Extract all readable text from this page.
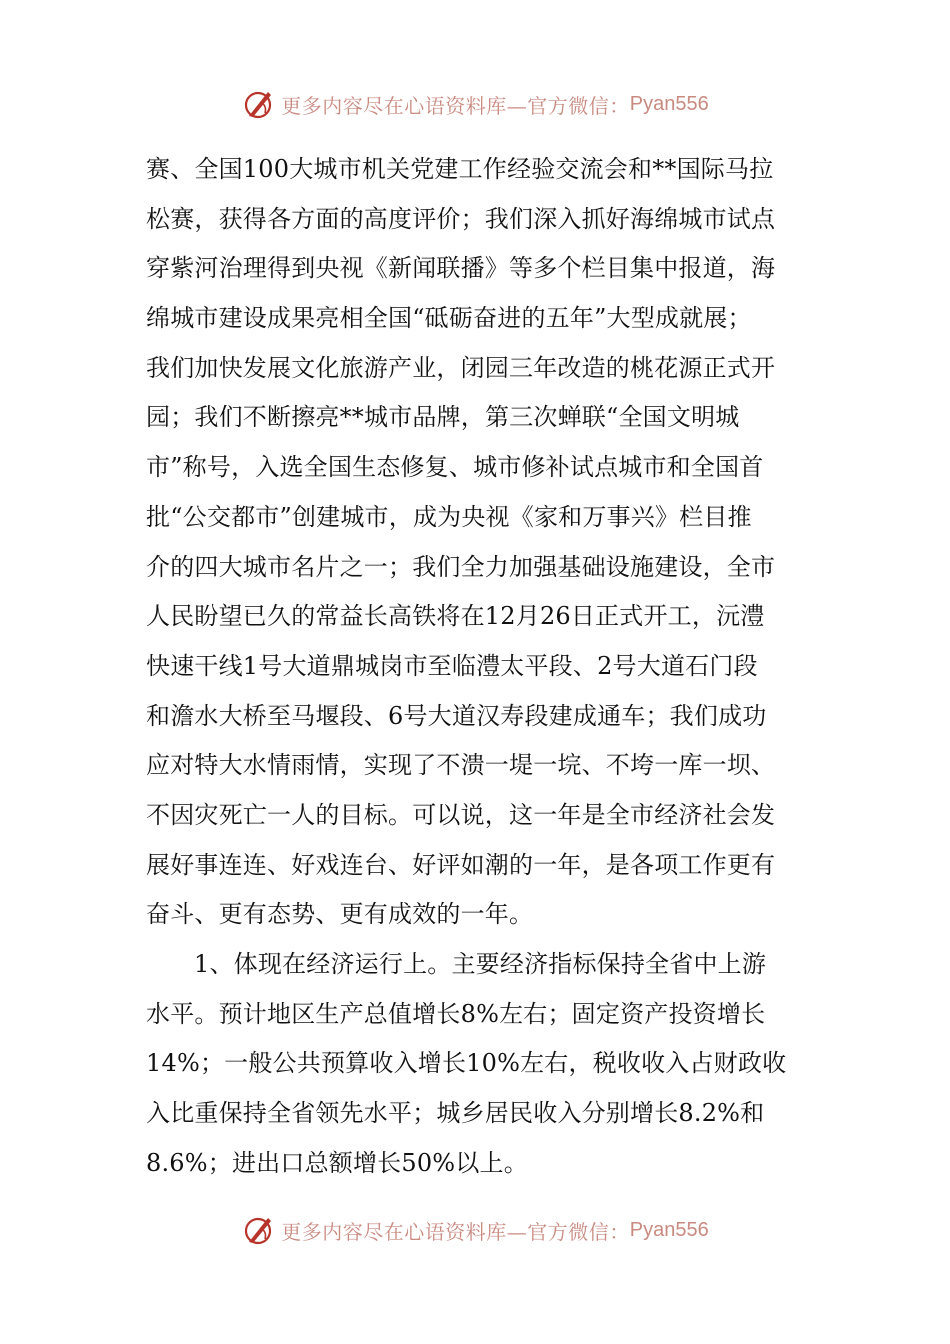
更多内容尽在心语资料库—官方微信： Pyan556
赛、全国100大城市机关党建工作经验交流会和**国际马拉
松赛，获得各方面的高度评价；我们深入抓好海绵城市试点
穿紫河治理得到央视《新闻联播》等多个栏目集中报道，海
绵城市建设成果亮相全国“砥砺奋进的五年”大型成就展；
我们加快发展文化旅游产业，闭园三年改造的桃花源正式开
园；我们不断擦亮**城市品牌，第三次蝉联“全国文明城
市”称号，入选全国生态修复、城市修补试点城市和全国首
批“公交都市”创建城市，成为央视《家和万事兴》栏目推
介的四大城市名片之一；我们全力加强基础设施建设，全市
人民盼望已久的常益长高铁将在12月26日正式开工，沅澧
快速干线1号大道鼎城岗市至临澧太平段、2号大道石门段
和澹水大桥至马堰段、6号大道汉寿段建成通车；我们成功
应对特大水情雨情，实现了不溃一堤一垸、不垮一库一坝、
不因灾死亡一人的目标。可以说，这一年是全市经济社会发
展好事连连、好戏连台、好评如潮的一年，是各项工作更有
奋斗、更有态势、更有成效的一年。
1、体现在经济运行上。主要经济指标保持全省中上游
水平。预计地区生产总值增长8%左右；固定资产投资增长
14%；一般公共预算收入增长10%左右，税收收入占财政收
入比重保持全省领先水平；城乡居民收入分别增长8.2%和
8.6%；进出口总额增长50%以上。
更多内容尽在心语资料库—官方微信： Pyan556
